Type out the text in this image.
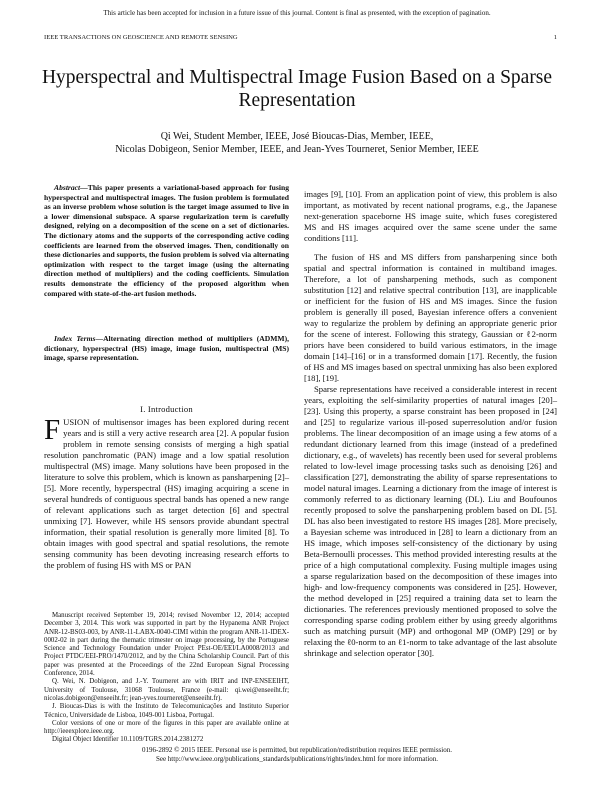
This article has been accepted for inclusion in a future issue of this journal. Content is final as presented, with the exception of pagination.
IEEE TRANSACTIONS ON GEOSCIENCE AND REMOTE SENSING	1
Hyperspectral and Multispectral Image Fusion Based on a Sparse Representation
Qi Wei, Student Member, IEEE, José Bioucas-Dias, Member, IEEE,
Nicolas Dobigeon, Senior Member, IEEE, and Jean-Yves Tourneret, Senior Member, IEEE
Abstract—This paper presents a variational-based approach for fusing hyperspectral and multispectral images. The fusion problem is formulated as an inverse problem whose solution is the target image assumed to live in a lower dimensional subspace. A sparse regularization term is carefully designed, relying on a decomposition of the scene on a set of dictionaries. The dictionary atoms and the supports of the corresponding active coding coefficients are learned from the observed images. Then, conditionally on these dictionaries and supports, the fusion problem is solved via alternating optimization with respect to the target image (using the alternating direction method of multipliers) and the coding coefficients. Simulation results demonstrate the efficiency of the proposed algorithm when compared with state-of-the-art fusion methods.
Index Terms—Alternating direction method of multipliers (ADMM), dictionary, hyperspectral (HS) image, image fusion, multispectral (MS) image, sparse representation.
I. Introduction
FUSION of multisensor images has been explored during recent years and is still a very active research area [2]. A popular fusion problem in remote sensing consists of merging a high spatial resolution panchromatic (PAN) image and a low spatial resolution multispectral (MS) image. Many solutions have been proposed in the literature to solve this problem, which is known as pansharpening [2]–[5]. More recently, hyperspectral (HS) imaging acquiring a scene in several hundreds of contiguous spectral bands has opened a new range of relevant applications such as target detection [6] and spectral unmixing [7]. However, while HS sensors provide abundant spectral information, their spatial resolution is generally more limited [8]. To obtain images with good spectral and spatial resolutions, the remote sensing community has been devoting increasing research efforts to the problem of fusing HS with MS or PAN

Manuscript received September 19, 2014; revised November 12, 2014; accepted December 3, 2014. This work was supported in part by the Hypanema ANR Project ANR-12-BS03-003, by ANR-11-LABX-0040-CIMI within the program ANR-11-IDEX-0002-02 in part during the thematic trimester on image processing, by the Portuguese Science and Technology Foundation under Project PEst-OE/EEI/LA0008/2013 and Project PTDC/EEI-PRO/1470/2012, and by the China Scholarship Council. Part of this paper was presented at the Proceedings of the 22nd European Signal Processing Conference, 2014.

Q. Wei, N. Dobigeon, and J.-Y. Tourneret are with IRIT and INP-ENSEEIHT, University of Toulouse, 31068 Toulouse, France (e-mail: qi.wei@enseeiht.fr; nicolas.dobigeon@enseeiht.fr; jean-yves.tourneret@enseeiht.fr).

J. Bioucas-Dias is with the Instituto de Telecomunicações and Instituto Superior Técnico, Universidade de Lisboa, 1049-001 Lisboa, Portugal.

Color versions of one or more of the figures in this paper are available online at http://ieeexplore.ieee.org.

Digital Object Identifier 10.1109/TGRS.2014.2381272

images [9], [10]. From an application point of view, this problem is also important, as motivated by recent national programs, e.g., the Japanese next-generation spaceborne HS image suite, which fuses coregistered MS and HS images acquired over the same scene under the same conditions [11].

The fusion of HS and MS differs from pansharpening since both spatial and spectral information is contained in multiband images. Therefore, a lot of pansharpening methods, such as component substitution [12] and relative spectral contribution [13], are inapplicable or inefficient for the fusion of HS and MS images. Since the fusion problem is generally ill posed, Bayesian inference offers a convenient way to regularize the problem by defining an appropriate generic prior for the scene of interest. Following this strategy, Gaussian or ℓ2-norm priors have been considered to build various estimators, in the image domain [14]–[16] or in a transformed domain [17]. Recently, the fusion of HS and MS images based on spectral unmixing has also been explored [18], [19].

Sparse representations have received a considerable interest in recent years, exploiting the self-similarity properties of natural images [20]–[23]. Using this property, a sparse constraint has been proposed in [24] and [25] to regularize various ill-posed superresolution and/or fusion problems. The linear decomposition of an image using a few atoms of a redundant dictionary learned from this image (instead of a predefined dictionary, e.g., of wavelets) has recently been used for several problems related to low-level image processing tasks such as denoising [26] and classification [27], demonstrating the ability of sparse representations to model natural images. Learning a dictionary from the image of interest is commonly referred to as dictionary learning (DL). Liu and Boufounos recently proposed to solve the pansharpening problem based on DL [5]. DL has also been investigated to restore HS images [28]. More precisely, a Bayesian scheme was introduced in [28] to learn a dictionary from an HS image, which imposes self-consistency of the dictionary by using Beta-Bernoulli processes. This method provided interesting results at the price of a high computational complexity. Fusing multiple images using a sparse regularization based on the decomposition of these images into high- and low-frequency components was considered in [25]. However, the method developed in [25] required a training data set to learn the dictionaries. The references previously mentioned proposed to solve the corresponding sparse coding problem either by using greedy algorithms such as matching pursuit (MP) and orthogonal MP (OMP) [29] or by relaxing the ℓ0-norm to an ℓ1-norm to take advantage of the last absolute shrinkage and selection operator [30].

0196-2892 © 2015 IEEE. Personal use is permitted, but republication/redistribution requires IEEE permission.
See http://www.ieee.org/publications_standards/publications/rights/index.html for more information.
